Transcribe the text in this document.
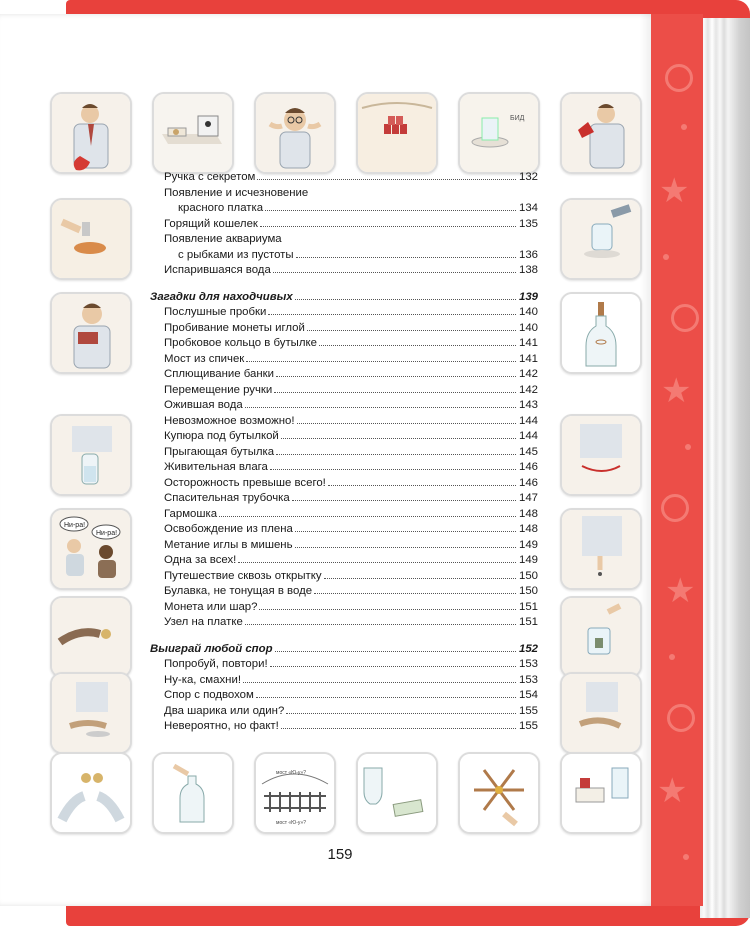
★
★
★
★
БИД
Ни-ра!
Ни-ра!
мост «Ю-у»?
мост «Ю-у»?
Ручка с секретом	132
Появление и исчезновение
красного платка	134
Горящий кошелек	135
Появление аквариума
с рыбками из пустоты	136
Испарившаяся вода	138
Загадки для находчивых	139
Послушные пробки	140
Пробивание монеты иглой	140
Пробковое кольцо в бутылке	141
Мост из спичек	141
Сплющивание банки	142
Перемещение ручки	142
Ожившая вода	143
Невозможное возможно!	144
Купюра под бутылкой	144
Прыгающая бутылка	145
Живительная влага	146
Осторожность превыше всего!	146
Спасительная трубочка	147
Гармошка	148
Освобождение из плена	148
Метание иглы в мишень	149
Одна за всех!	149
Путешествие сквозь открытку	150
Булавка, не тонущая в воде	150
Монета или шар?	151
Узел на платке	151
Выиграй любой спор	152
Попробуй, повтори!	153
Ну-ка, смахни!	153
Спор с подвохом	154
Два шарика или один?	155
Невероятно, но факт!	155
159
